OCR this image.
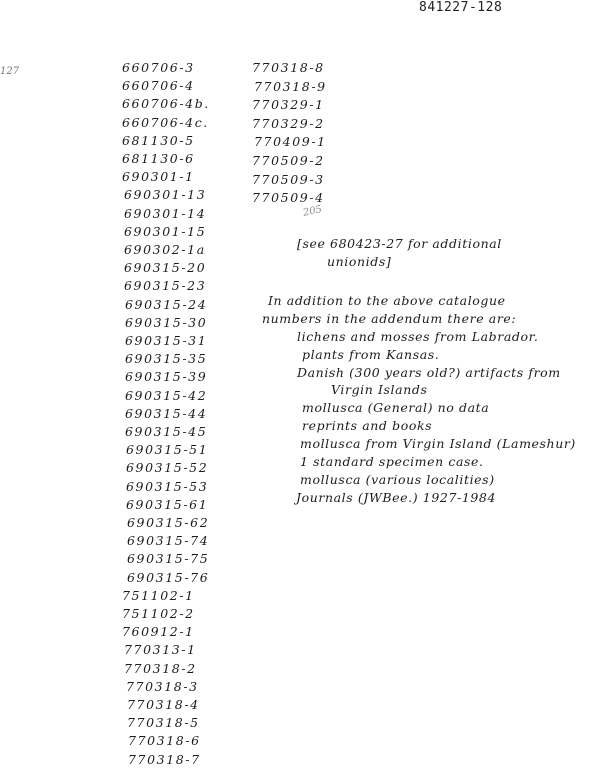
841227-128
127	660706-3
660706-4
660706-4b.
660706-4c.
681130-5
681130-6
690301-1
690301-13
690301-14
690301-15
690302-1a
690315-20
690315-23
690315-24
690315-30
690315-31
690315-35
690315-39
690315-42
690315-44
690315-45
690315-51
690315-52
690315-53
690315-61
690315-62
690315-74
690315-75
690315-76
751102-1
751102-2
760912-1
770313-1
770318-2
770318-3
770318-4
770318-5
770318-6
770318-7
770318-8
770318-9
770329-1
770329-2
770409-1
770509-2
770509-3
770509-4
205
[see 680423-27 for additional
unionids]
In addition to the above catalogue
numbers in the addendum there are:
lichens and mosses from Labrador.
plants from Kansas.
Danish (300 years old?) artifacts from
Virgin Islands
mollusca (General) no data
reprints and books
mollusca from Virgin Island (Lameshur)
1 standard specimen case.
mollusca (various localities)
Journals (JWBee.) 1927-1984
